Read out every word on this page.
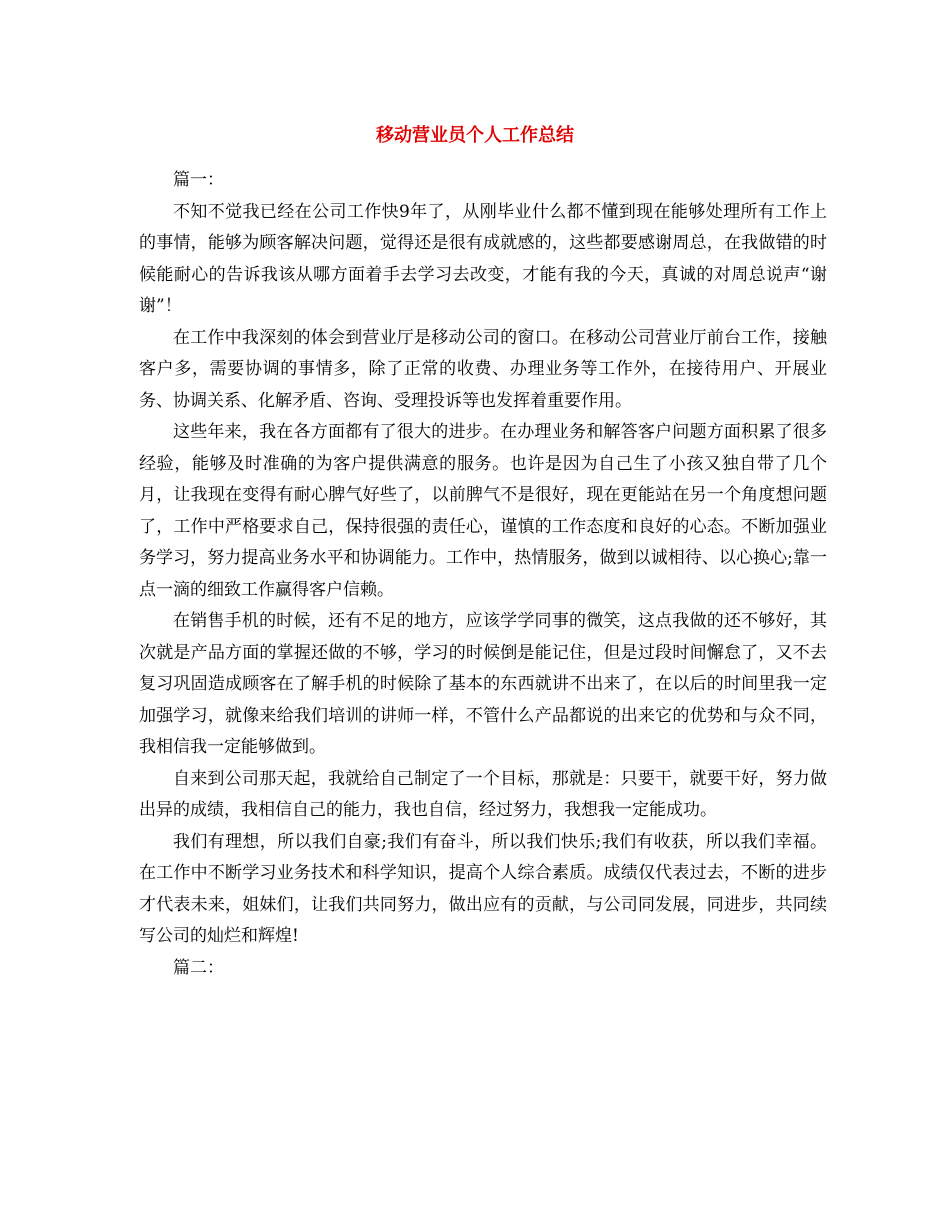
移动营业员个人工作总结

篇一：

不知不觉我已经在公司工作快9年了，从刚毕业什么都不懂到现在能够处理所有工作上的事情，能够为顾客解决问题，觉得还是很有成就感的，这些都要感谢周总，在我做错的时候能耐心的告诉我该从哪方面着手去学习去改变，才能有我的今天，真诚的对周总说声“谢谢”！

在工作中我深刻的体会到营业厅是移动公司的窗口。在移动公司营业厅前台工作，接触客户多，需要协调的事情多，除了正常的收费、办理业务等工作外，在接待用户、开展业务、协调关系、化解矛盾、咨询、受理投诉等也发挥着重要作用。

这些年来，我在各方面都有了很大的进步。在办理业务和解答客户问题方面积累了很多经验，能够及时准确的为客户提供满意的服务。也许是因为自己生了小孩又独自带了几个月，让我现在变得有耐心脾气好些了，以前脾气不是很好，现在更能站在另一个角度想问题了，工作中严格要求自己，保持很强的责任心，谨慎的工作态度和良好的心态。不断加强业务学习，努力提高业务水平和协调能力。工作中，热情服务，做到以诚相待、以心换心;靠一点一滴的细致工作赢得客户信赖。

在销售手机的时候，还有不足的地方，应该学学同事的微笑，这点我做的还不够好，其次就是产品方面的掌握还做的不够，学习的时候倒是能记住，但是过段时间懈怠了，又不去复习巩固造成顾客在了解手机的时候除了基本的东西就讲不出来了，在以后的时间里我一定加强学习，就像来给我们培训的讲师一样，不管什么产品都说的出来它的优势和与众不同，我相信我一定能够做到。

自来到公司那天起，我就给自己制定了一个目标，那就是：只要干，就要干好，努力做出异的成绩，我相信自己的能力，我也自信，经过努力，我想我一定能成功。

我们有理想，所以我们自豪;我们有奋斗，所以我们快乐;我们有收获，所以我们幸福。在工作中不断学习业务技术和科学知识，提高个人综合素质。成绩仅代表过去，不断的进步才代表未来，姐妹们，让我们共同努力，做出应有的贡献，与公司同发展，同进步，共同续写公司的灿烂和辉煌!

篇二：
